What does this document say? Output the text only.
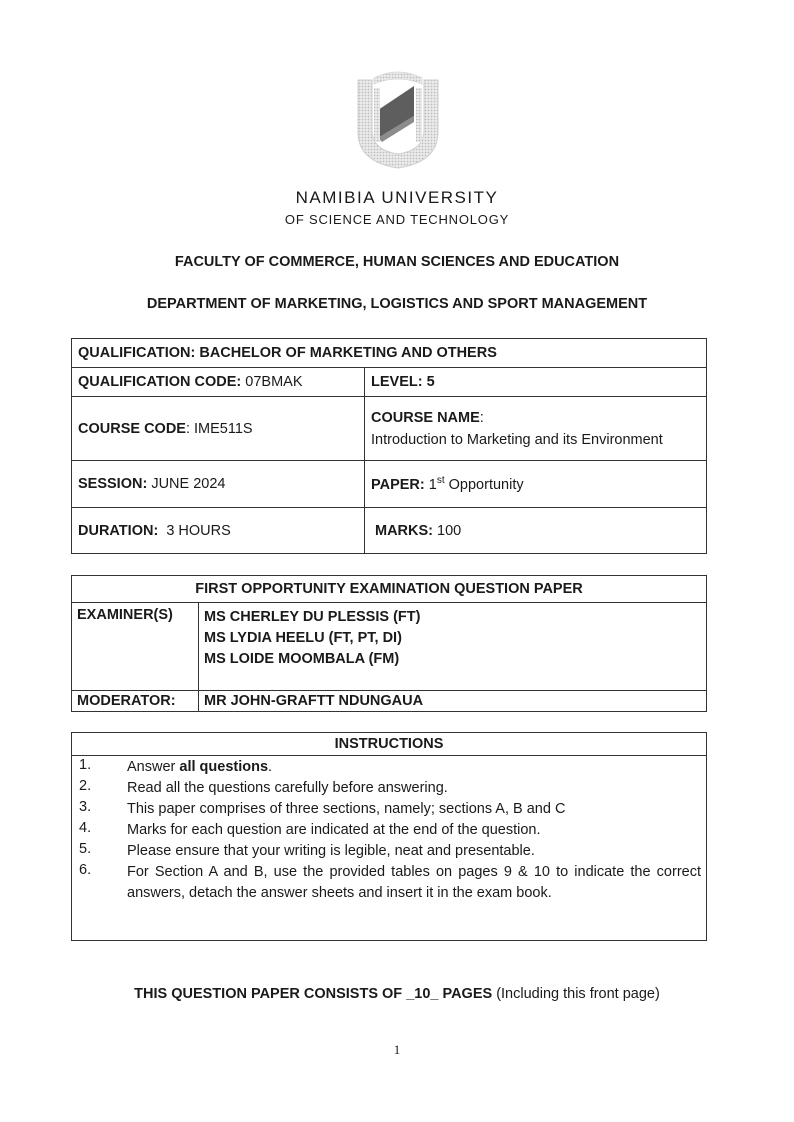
NAMIBIA UNIVERSITY
OF SCIENCE AND TECHNOLOGY
FACULTY OF COMMERCE, HUMAN SCIENCES AND EDUCATION
DEPARTMENT OF MARKETING, LOGISTICS AND SPORT MANAGEMENT
QUALIFICATION: BACHELOR OF MARKETING AND OTHERS	
QUALIFICATION CODE: 07BMAK	LEVEL: 5
COURSE CODE: IME511S	COURSE NAME:
Introduction to Marketing and its Environment
SESSION: JUNE 2024	PAPER: 1st Opportunity
DURATION: 3 HOURS	MARKS: 100
FIRST OPPORTUNITY EXAMINATION QUESTION PAPER	
EXAMINER(S)	MS CHERLEY DU PLESSIS (FT)
MS LYDIA HEELU (FT, PT, DI)
MS LOIDE MOOMBALA (FM)

MODERATOR:	MR JOHN-GRAFTT NDUNGAUA
INSTRUCTIONS
1. Answer all questions.
2. Read all the questions carefully before answering.
3. This paper comprises of three sections, namely; sections A, B and C
4. Marks for each question are indicated at the end of the question.
5. Please ensure that your writing is legible, neat and presentable.
6. For Section A and B, use the provided tables on pages 9 & 10 to indicate the correct answers, detach the answer sheets and insert it in the exam book.
THIS QUESTION PAPER CONSISTS OF _10_ PAGES (Including this front page)
1
